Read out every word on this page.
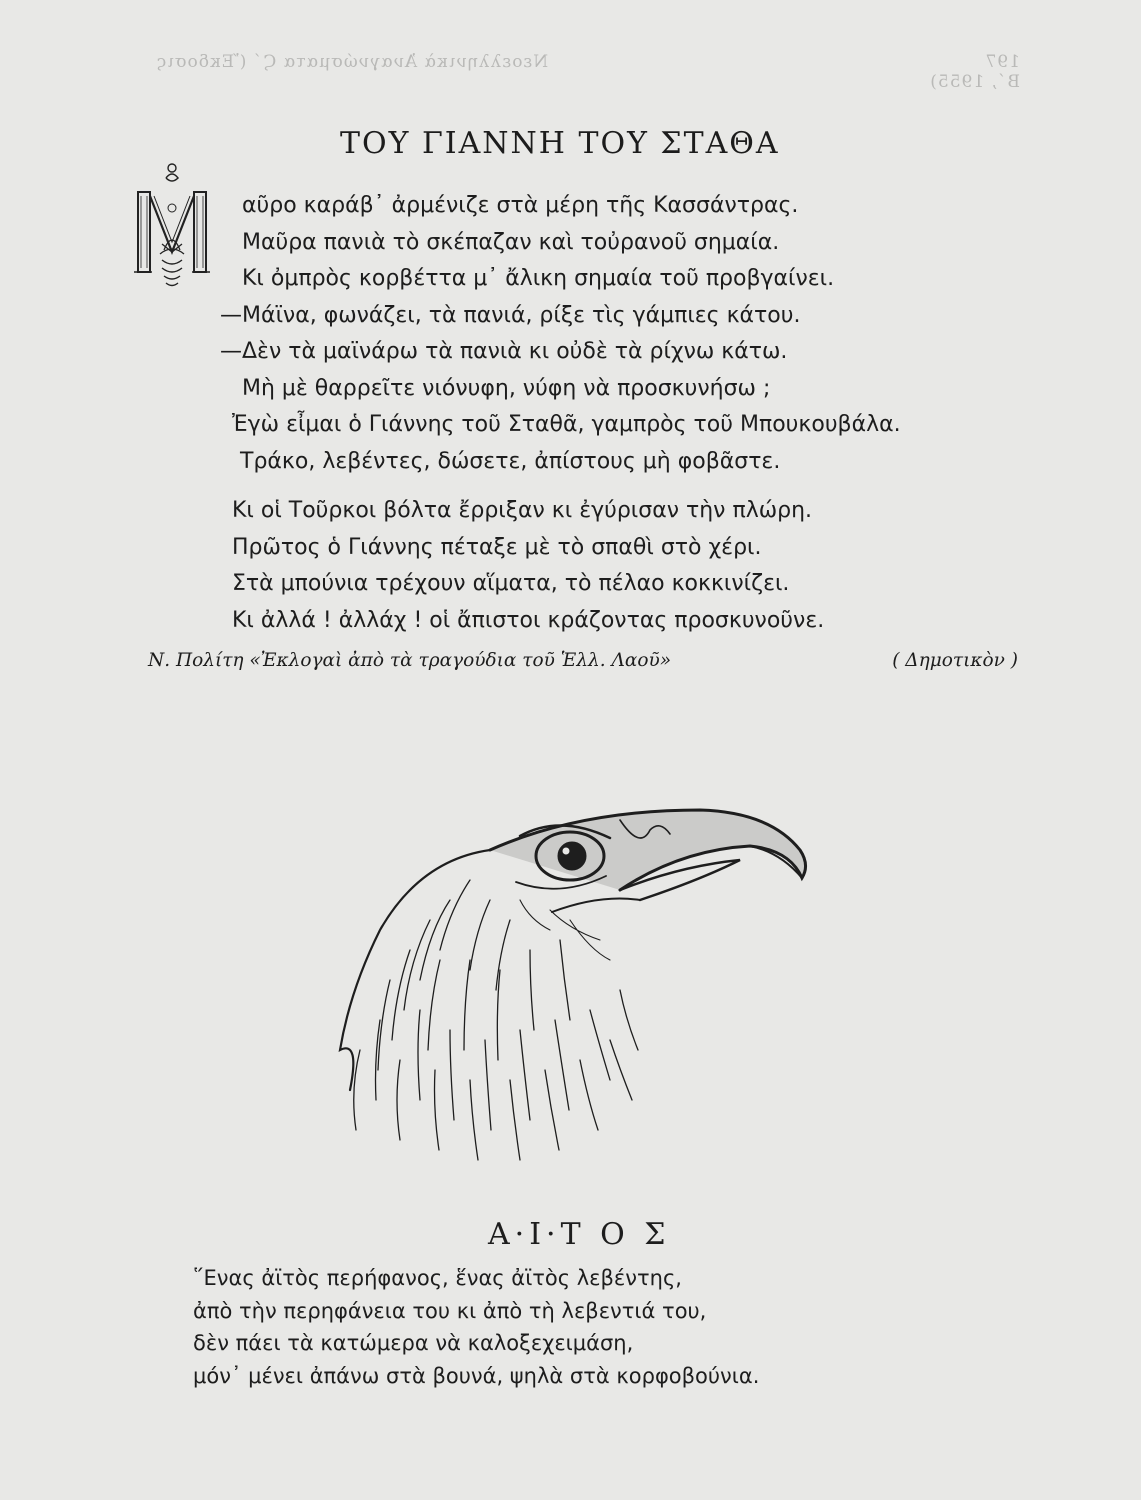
197 Νεοελληνικὰ Ἀναγνώσματα Ϛ΄ (Ἔκδοσις Β΄, 1955)
ΤΟΥ ΓΙΑΝΝΗ ΤΟΥ ΣΤΑΘΑ
αῦρο καράβ᾿ ἀρμένιζε στὰ μέρη τῆς Κασσάντρας.
Μαῦρα πανιὰ τὸ σκέπαζαν καὶ τοὐρανοῦ σημαία.
Κι ὀμπρὸς κορβέττα μ᾿ ἄλικη σημαία τοῦ προβγαίνει.
—Μάϊνα, φωνάζει, τὰ πανιά, ρίξε τὶς γάμπιες κάτου.
—Δὲν τὰ μαϊνάρω τὰ πανιὰ κι οὐδὲ τὰ ρίχνω κάτω.
Μὴ μὲ θαρρεῖτε νιόνυφη, νύφη νὰ προσκυνήσω ;
Ἐγὼ εἶμαι ὁ Γιάννης τοῦ Σταθᾶ, γαμπρὸς τοῦ Μπουκουβάλα.
Τράκο, λεβέντες, δώσετε, ἀπίστους μὴ φοβᾶστε.
Κι οἱ Τοῦρκοι βόλτα ἔρριξαν κι ἐγύρισαν τὴν πλώρη.
Πρῶτος ὁ Γιάννης πέταξε μὲ τὸ σπαθὶ στὸ χέρι.
Στὰ μπούνια τρέχουν αἵματα, τὸ πέλαο κοκκινίζει.
Κι ἀλλά ! ἀλλάχ ! οἱ ἄπιστοι κράζοντας προσκυνοῦνε.
Ν. Πολίτη «Ἐκλογαὶ ἀπὸ τὰ τραγούδια τοῦ Ἑλλ. Λαοῦ»	( Δημοτικὸν )
Α·Ι·Τ Ο Σ
῞Ενας ἀϊτὸς περήφανος, ἕνας ἀϊτὸς λεβέντης,
ἀπὸ τὴν περηφάνεια του κι ἀπὸ τὴ λεβεντιά του,
δὲν πάει τὰ κατώμερα νὰ καλοξεχειμάση,
μόν᾿ μένει ἀπάνω στὰ βουνά, ψηλὰ στὰ κορφοβούνια.
